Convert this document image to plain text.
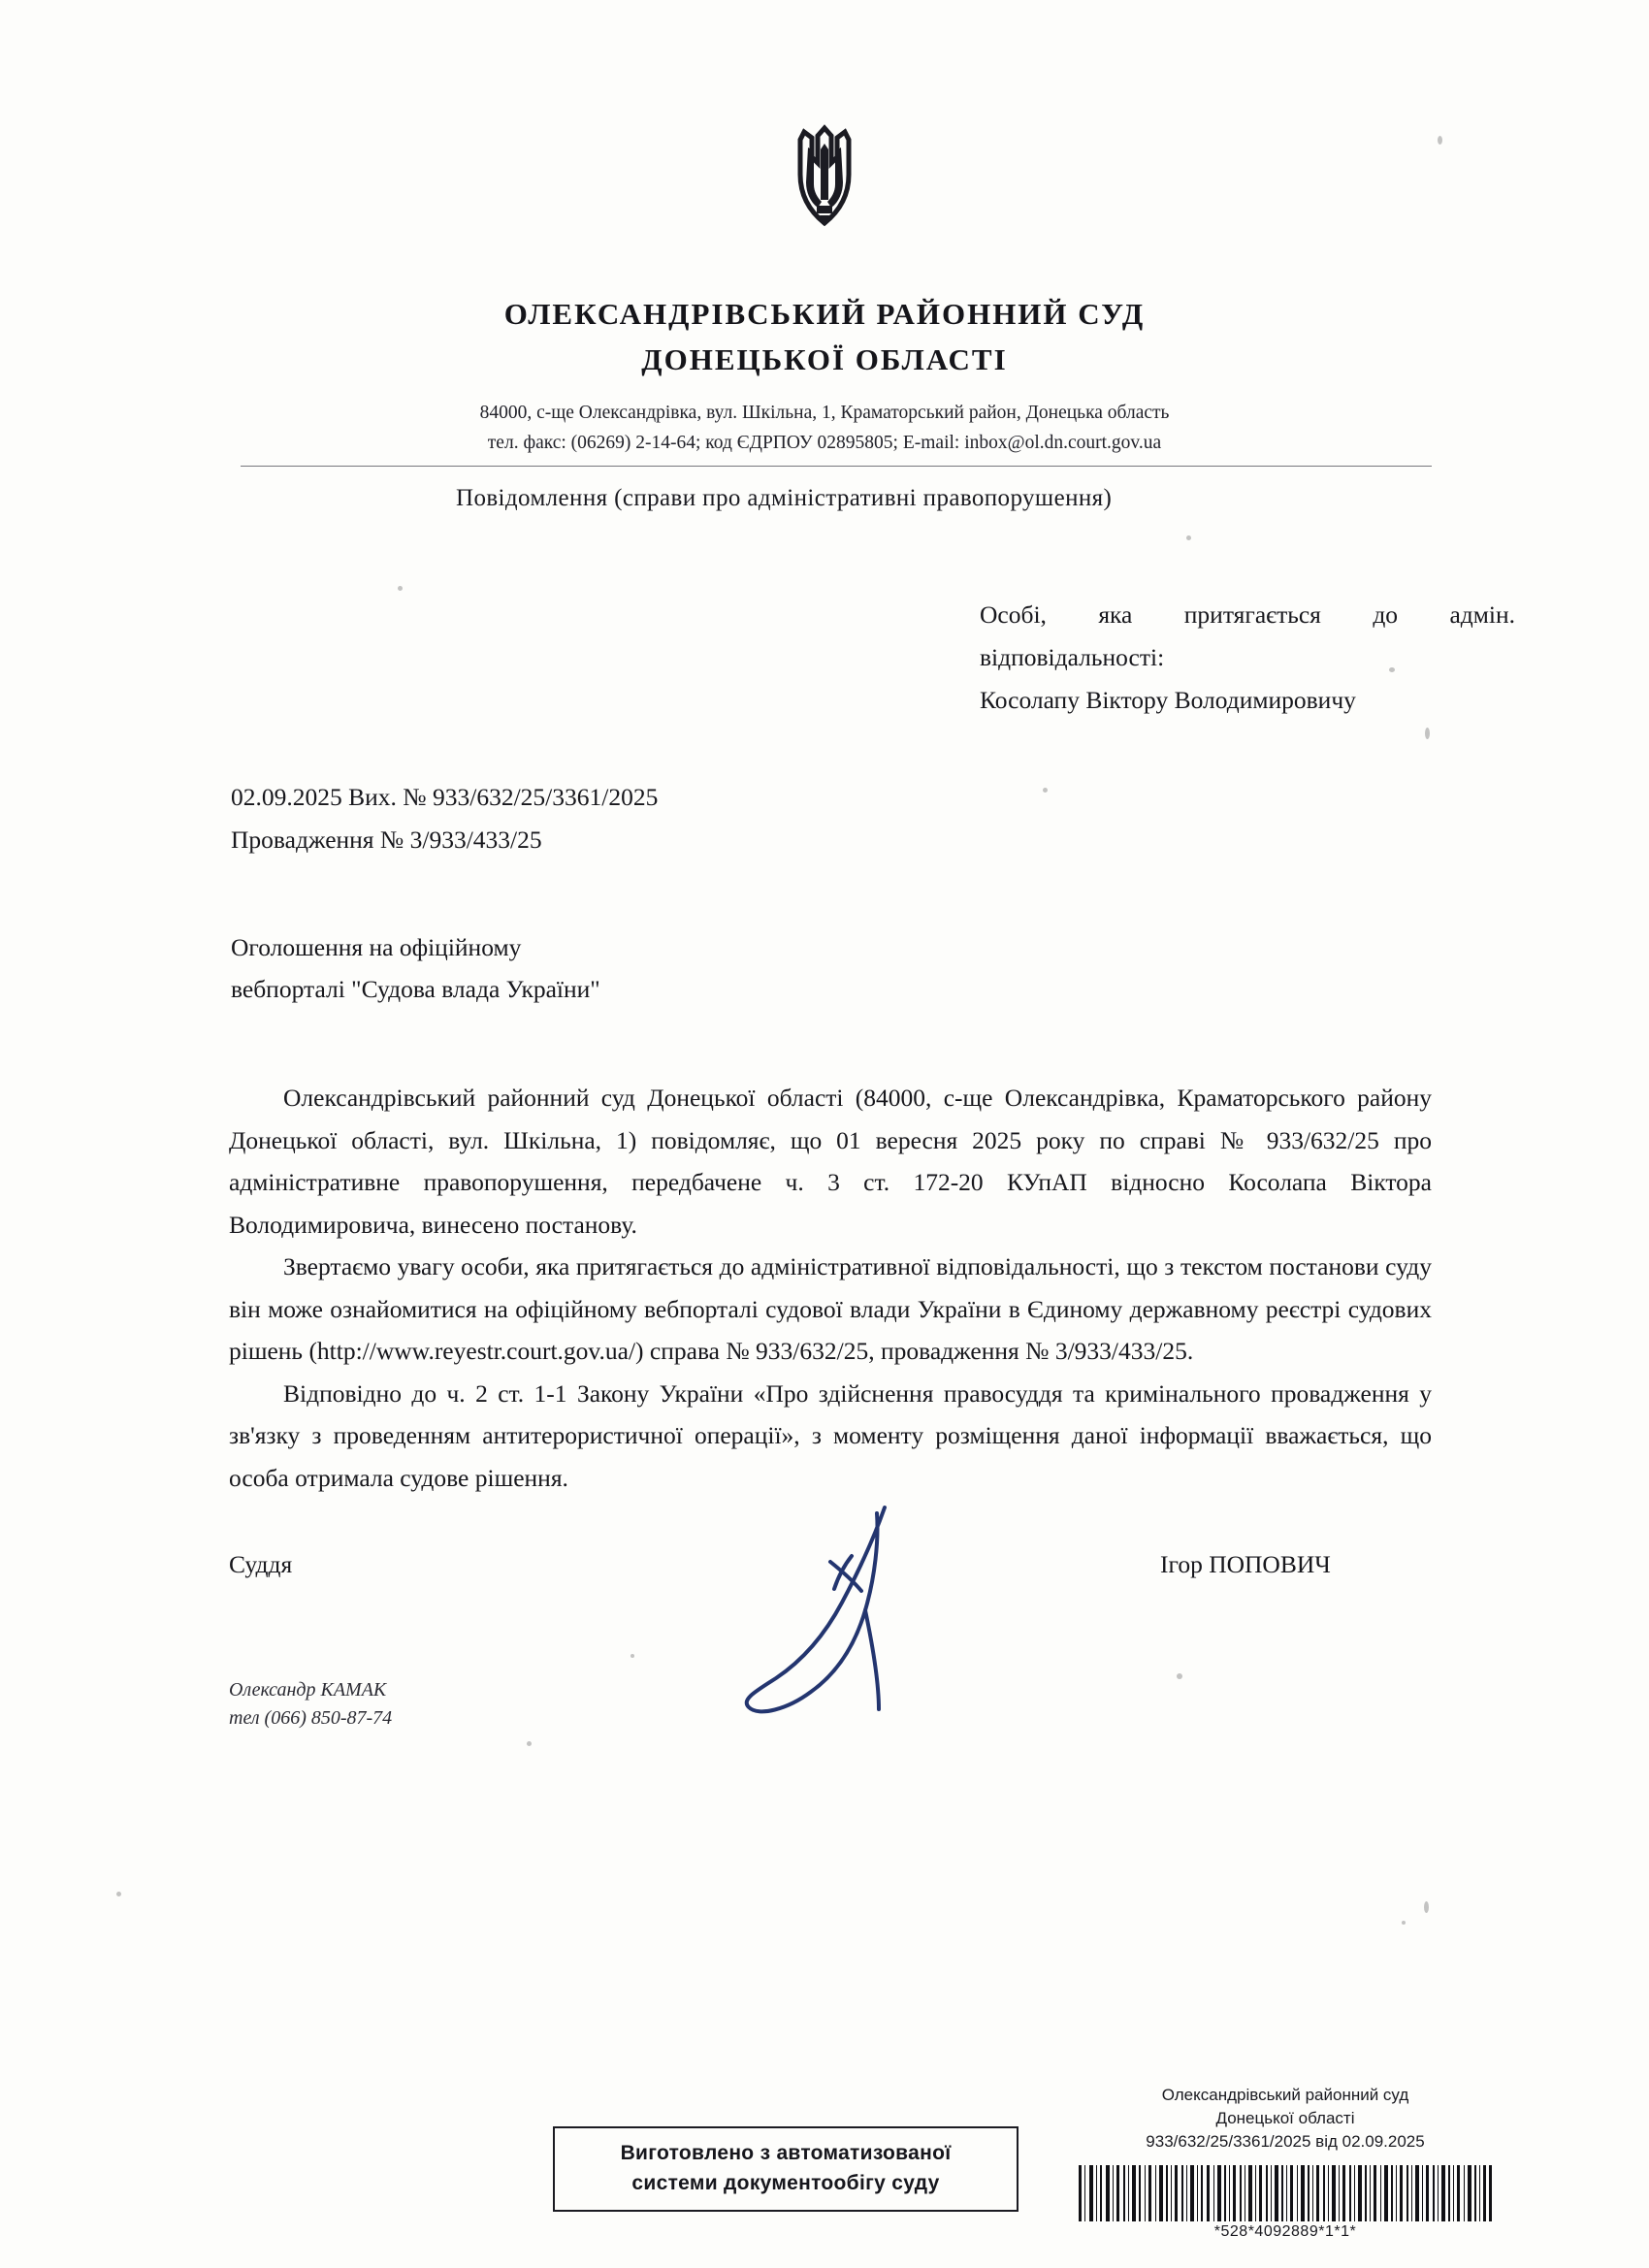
ОЛЕКСАНДРІВСЬКИЙ РАЙОННИЙ СУД
ДОНЕЦЬКОЇ ОБЛАСТІ
84000, с-ще Олександрівка, вул. Шкільна, 1, Краматорський район, Донецька область
тел. факс: (06269) 2-14-64; код ЄДРПОУ 02895805; E-mail: inbox@ol.dn.court.gov.ua
Повідомлення (справи про адміністративні правопорушення)
Особі, яка притягається до адмін.
відповідальності:
Косолапу Віктору Володимировичу
02.09.2025 Вих. № 933/632/25/3361/2025
Провадження № 3/933/433/25
Оголошення на офіційному
вебпорталі "Судова влада України"

Олександрівський районний суд Донецької області (84000, с-ще Олександрівка, Краматорського району Донецької області, вул. Шкільна, 1) повідомляє, що 01 вересня 2025 року по справі № 933/632/25 про адміністративне правопорушення, передбачене ч. 3 ст. 172-20 КУпАП відносно Косолапа Віктора Володимировича, винесено постанову.

Звертаємо увагу особи, яка притягається до адміністративної відповідальності, що з текстом постанови суду він може ознайомитися на офіційному вебпорталі судової влади України в Єдиному державному реєстрі судових рішень (http://www.reyestr.court.gov.ua/) справа № 933/632/25, провадження № 3/933/433/25.

Відповідно до ч. 2 ст. 1-1 Закону України «Про здійснення правосуддя та кримінального провадження у зв'язку з проведенням антитерористичної операції», з моменту розміщення даної інформації вважається, що особа отримала судове рішення.

Суддя	Ігор ПОПОВИЧ
Олександр КАМАК
тел (066) 850-87-74
Виготовлено з автоматизованої
системи документообігу суду
Олександрівський районний суд
Донецької області
933/632/25/3361/2025 від 02.09.2025
*528*4092889*1*1*
